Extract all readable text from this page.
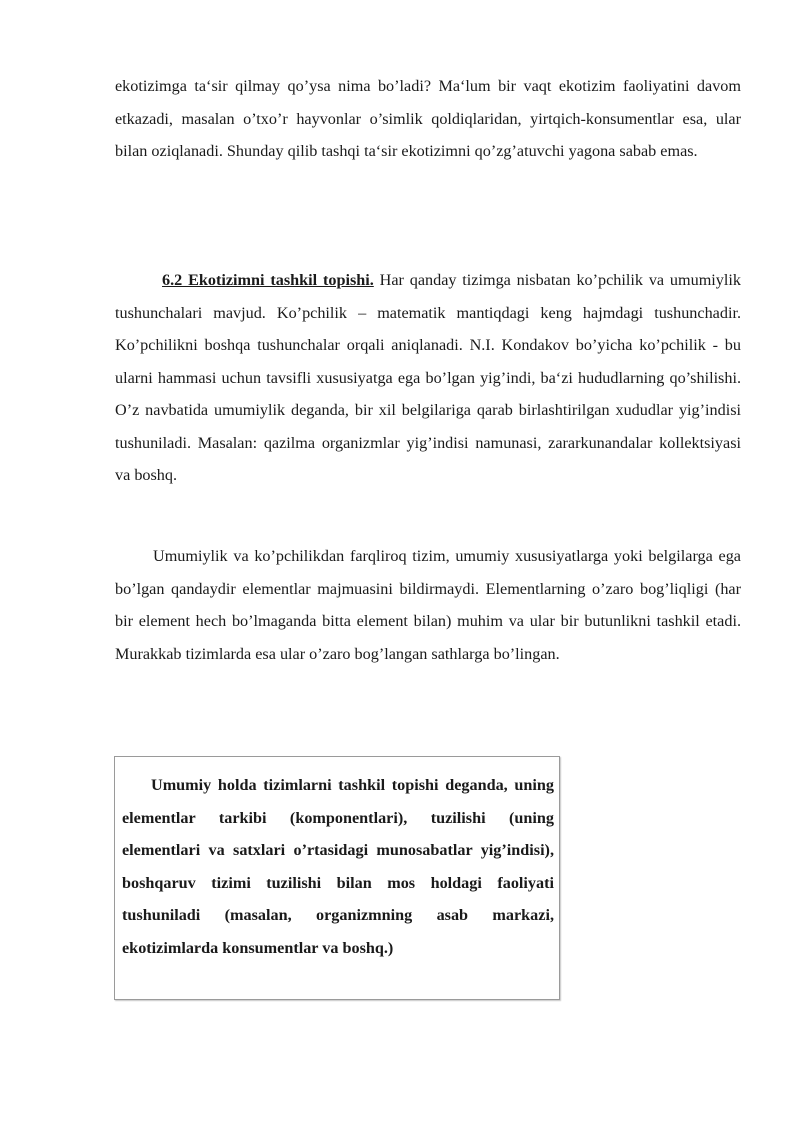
ekotizimga ta‘sir qilmay qo’ysa nima bo’ladi? Ma‘lum bir vaqt ekotizim faoliyatini davom etkazadi, masalan o’txo’r hayvonlar o’simlik qoldiqlaridan, yirtqich-konsumentlar esa, ular bilan oziqlanadi. Shunday qilib tashqi ta‘sir ekotizimni qo’zg’atuvchi yagona sabab emas.

6.2 Ekotizimni tashkil topishi. Har qanday tizimga nisbatan ko’pchilik va umumiylik tushunchalari mavjud. Ko’pchilik – matematik mantiqdagi keng hajmdagi tushunchadir. Ko’pchilikni boshqa tushunchalar orqali aniqlanadi. N.I. Kondakov bo’yicha ko’pchilik - bu ularni hammasi uchun tavsifli xususiyatga ega bo’lgan yig’indi, ba‘zi hududlarning qo’shilishi. O’z navbatida umumiylik deganda, bir xil belgilariga qarab birlashtirilgan xududlar yig’indisi tushuniladi. Masalan: qazilma organizmlar yig’indisi namunasi, zararkunandalar kollektsiyasi va boshq.

Umumiylik va ko’pchilikdan farqliroq tizim, umumiy xususiyatlarga yoki belgilarga ega bo’lgan qandaydir elementlar majmuasini bildirmaydi. Elementlarning o’zaro bog’liqligi (har bir element hech bo’lmaganda bitta element bilan) muhim va ular bir butunlikni tashkil etadi. Murakkab tizimlarda esa ular o’zaro bog’langan sathlarga bo’lingan.

Umumiy holda tizimlarni tashkil topishi deganda, uning elementlar tarkibi (komponentlari), tuzilishi (uning elementlari va satxlari o’rtasidagi munosabatlar yig’indisi), boshqaruv tizimi tuzilishi bilan mos holdagi faoliyati tushuniladi (masalan, organizmning asab markazi, ekotizimlarda konsumentlar va boshq.)
